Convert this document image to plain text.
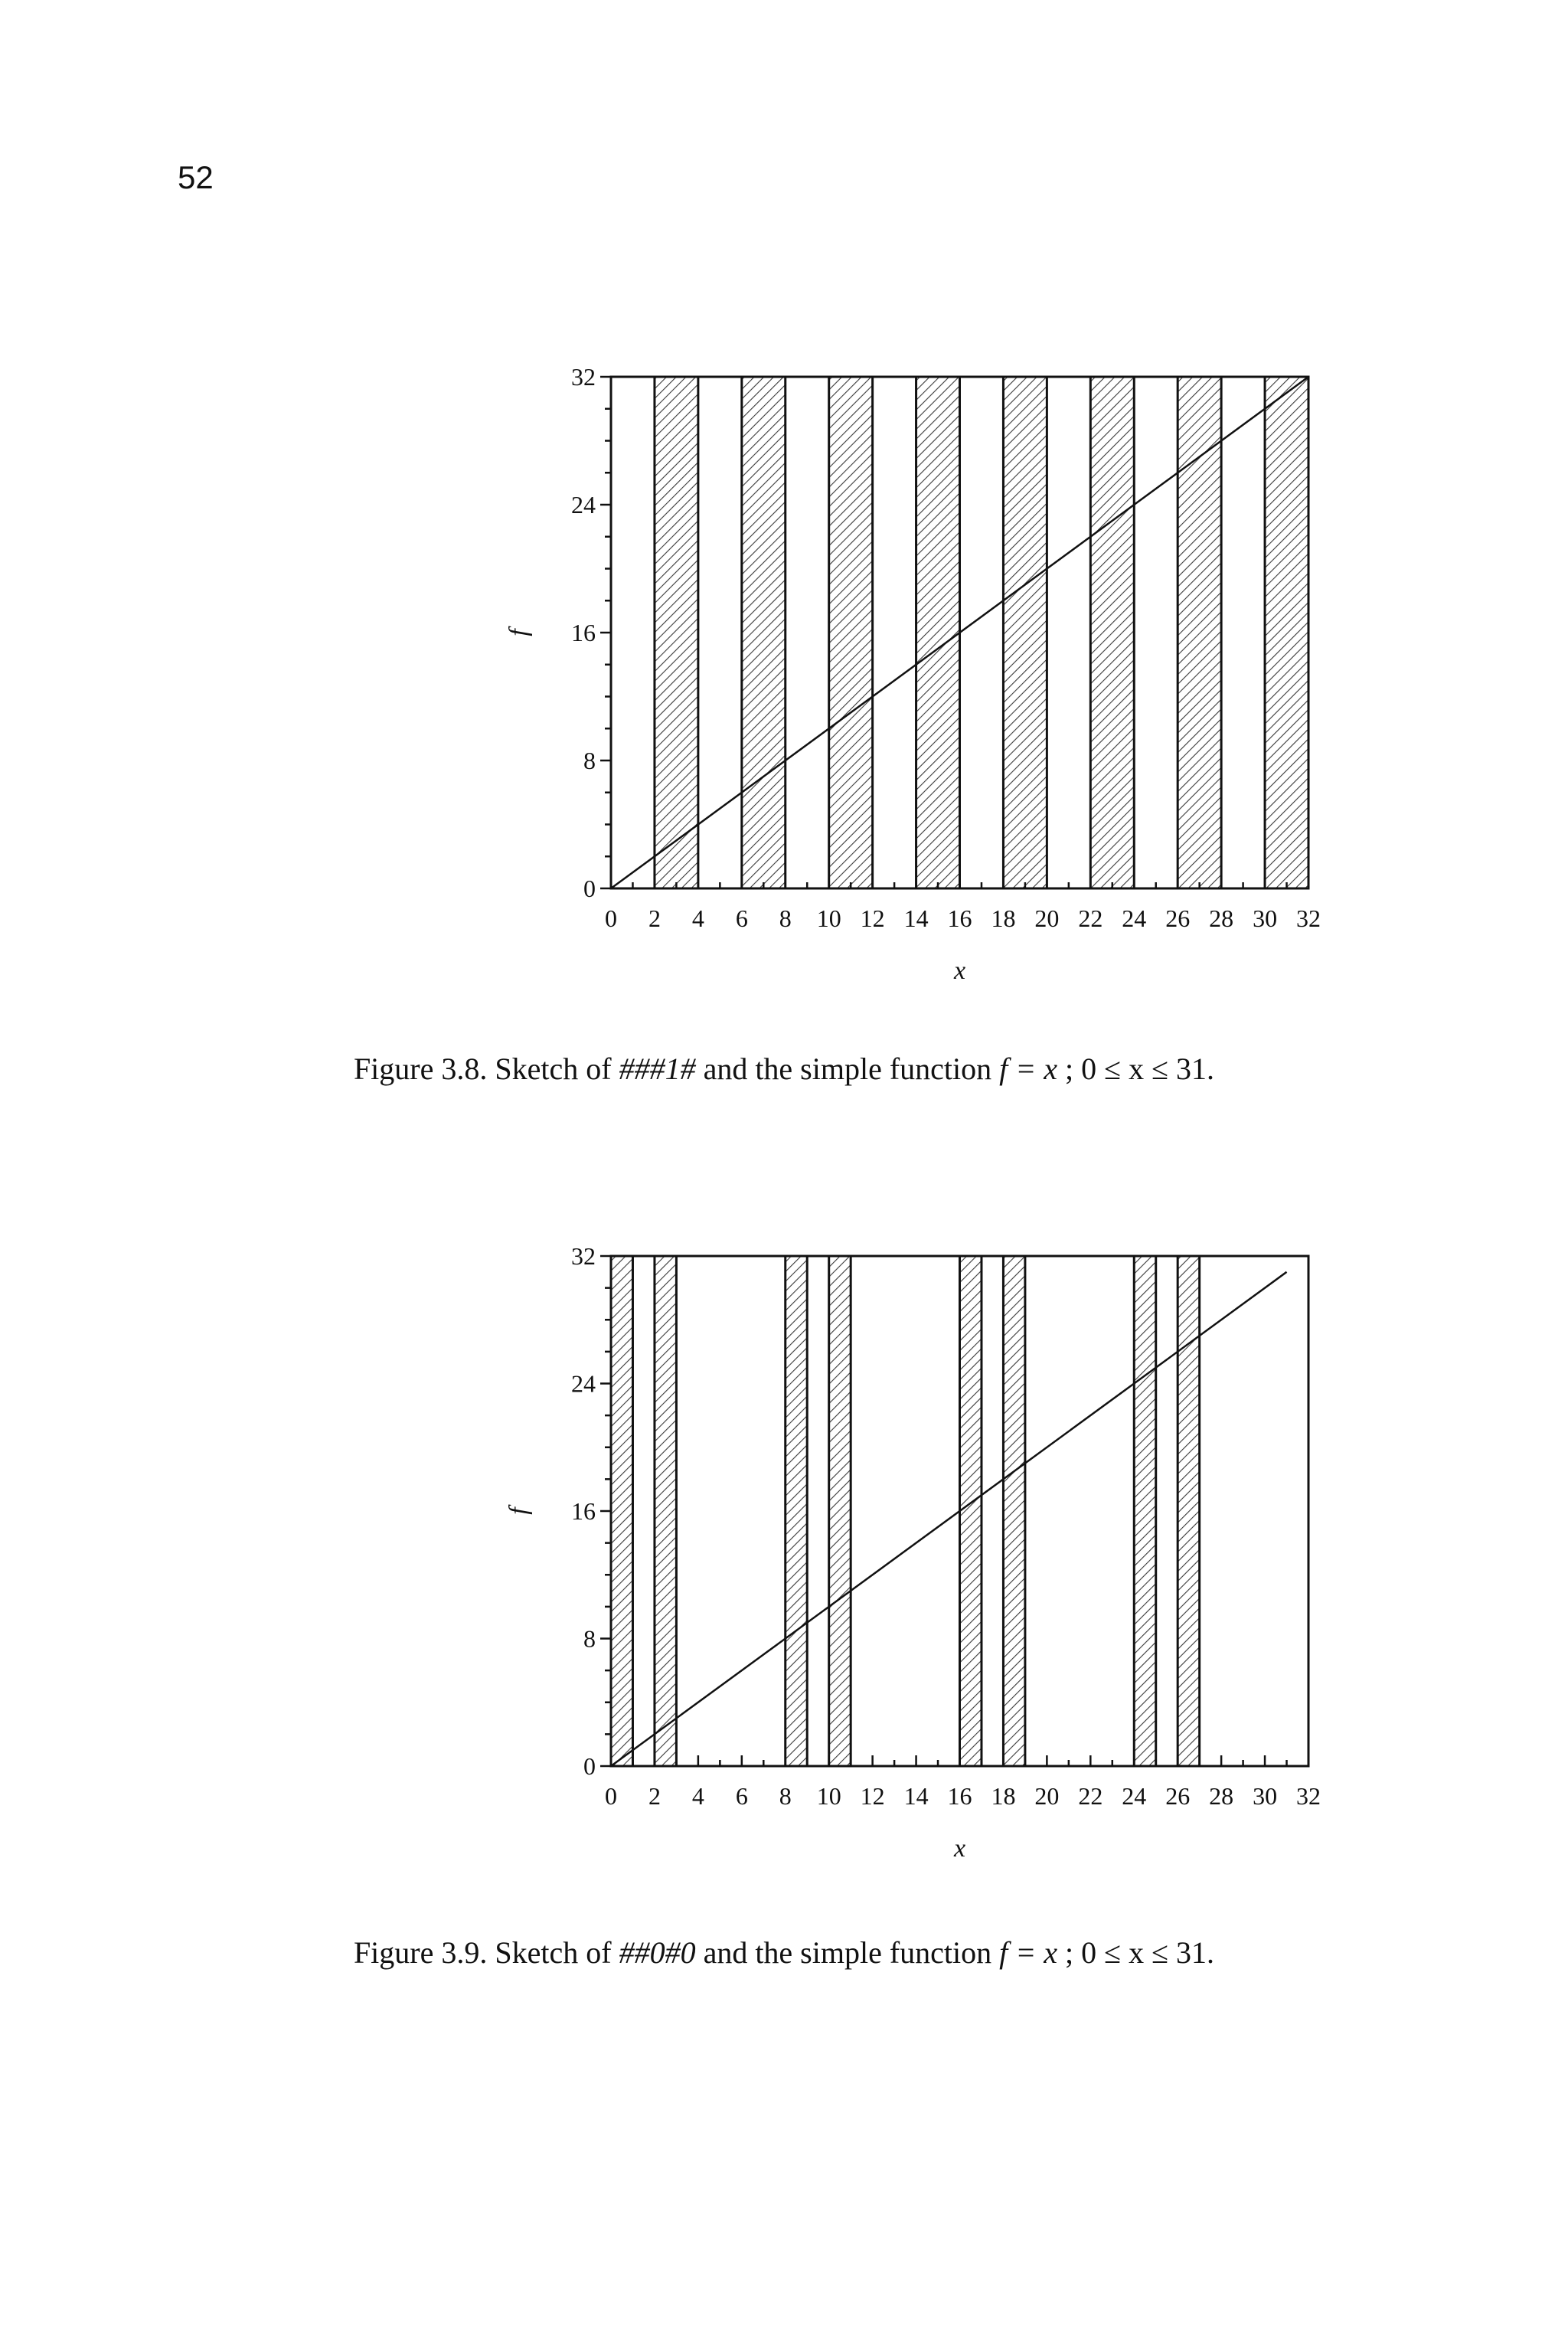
52
0 2 4 6 8 10 12 14 16 18 20 22 24 26 28 30 32
0
8
16
24
32
x
f
Figure 3.8. Sketch of ###1# and the simple function f = x ; 0 ≤ x ≤ 31.
0 2 4 6 8 10 12 14 16 18 20 22 24 26 28 30 32
0
8
16
24
32
x
f
Figure 3.9. Sketch of ##0#0 and the simple function f = x ; 0 ≤ x ≤ 31.
